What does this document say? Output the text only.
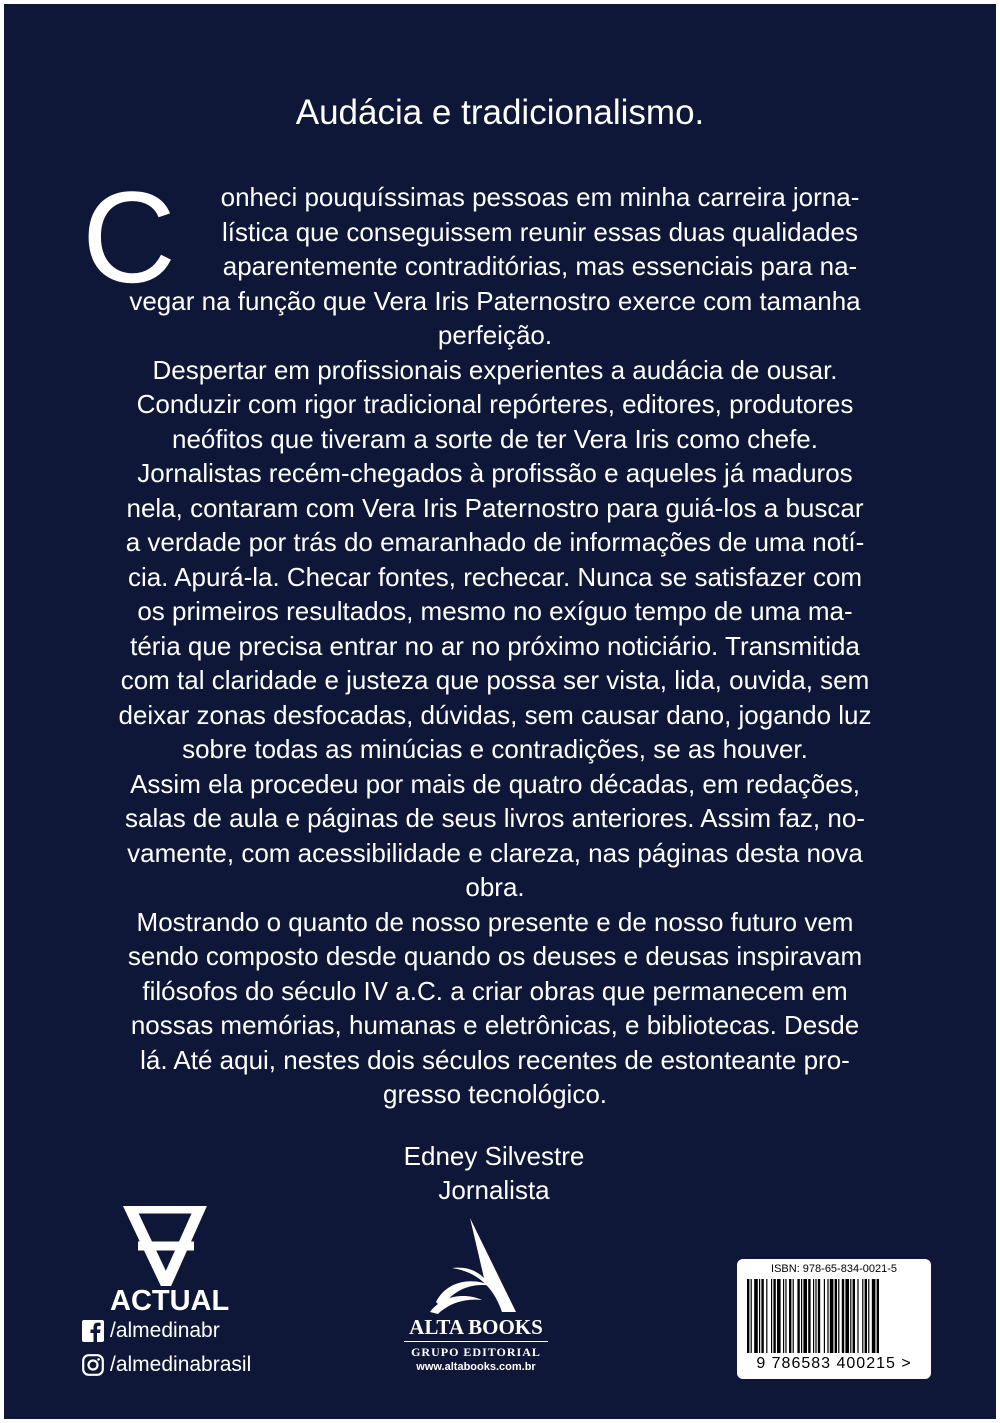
Audácia e tradicionalismo.
C	onheci pouquíssimas pessoas em minha carreira jorna-
lística que conseguissem reunir essas duas qualidades
aparentemente contraditórias, mas essenciais para na-
vegar na função que Vera Iris Paternostro exerce com tamanha
perfeição.
Despertar em profissionais experientes a audácia de ousar.
Conduzir com rigor tradicional repórteres, editores, produtores
neófitos que tiveram a sorte de ter Vera Iris como chefe.
Jornalistas recém-chegados à profissão e aqueles já maduros
nela, contaram com Vera Iris Paternostro para guiá-los a buscar
a verdade por trás do emaranhado de informações de uma notí-
cia. Apurá-la. Checar fontes, rechecar. Nunca se satisfazer com
os primeiros resultados, mesmo no exíguo tempo de uma ma-
téria que precisa entrar no ar no próximo noticiário. Transmitida
com tal claridade e justeza que possa ser vista, lida, ouvida, sem
deixar zonas desfocadas, dúvidas, sem causar dano, jogando luz
sobre todas as minúcias e contradições, se as houver.
Assim ela procedeu por mais de quatro décadas, em redações,
salas de aula e páginas de seus livros anteriores. Assim faz, no-
vamente, com acessibilidade e clareza, nas páginas desta nova
obra.
Mostrando o quanto de nosso presente e de nosso futuro vem
sendo composto desde quando os deuses e deusas inspiravam
filósofos do século IV a.C. a criar obras que permanecem em
nossas memórias, humanas e eletrônicas, e bibliotecas. Desde
lá. Até aqui, nestes dois séculos recentes de estonteante pro-
gresso tecnológico.
Edney Silvestre
Jornalista
ACTUAL
/almedinabr
/almedinabrasil
ALTA BOOKS
GRUPO EDITORIAL
www.altabooks.com.br
ISBN: 978-65-834-0021-5
9 786583 400215 >
